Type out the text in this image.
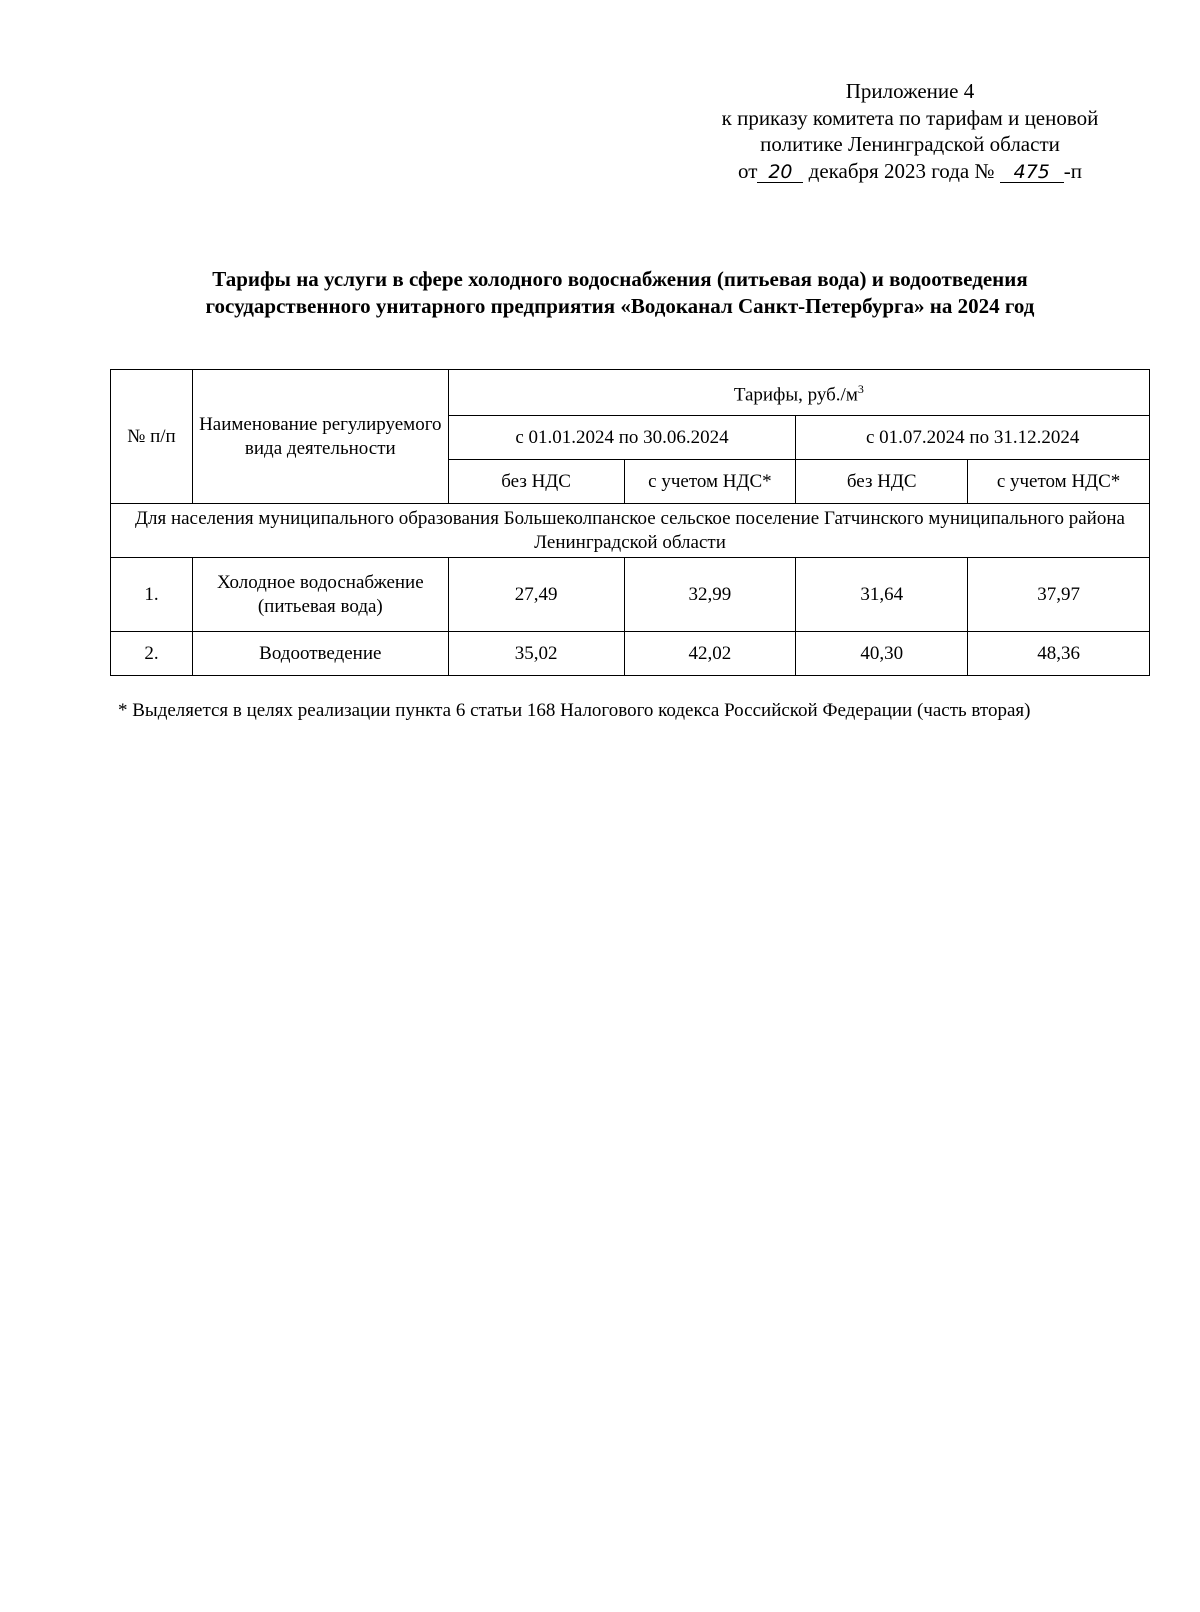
Приложение 4
к приказу комитета по тарифам и ценовой
политике Ленинградской области
от 20 декабря 2023 года № 475 -п
Тарифы на услуги в сфере холодного водоснабжения (питьевая вода) и водоотведения
государственного унитарного предприятия «Водоканал Санкт-Петербурга» на 2024 год
№ п/п	Наименование регулируемого вида деятельности	Тарифы, $руб./м^3$
		с 01.01.2024 по 30.06.2024		с 01.07.2024 по 31.12.2024	
		без НДС	с учетом НДС*	без НДС	с учетом НДС*
Для населения муниципального образования Большеколпанское сельское поселение Гатчинского муниципального района Ленинградской области					
1.	Холодное водоснабжение (питьевая вода)	27,49	32,99	31,64	37,97
2.	Водоотведение	35,02	42,02	40,30	48,36
* Выделяется в целях реализации пункта 6 статьи 168 Налогового кодекса Российской Федерации (часть вторая)
